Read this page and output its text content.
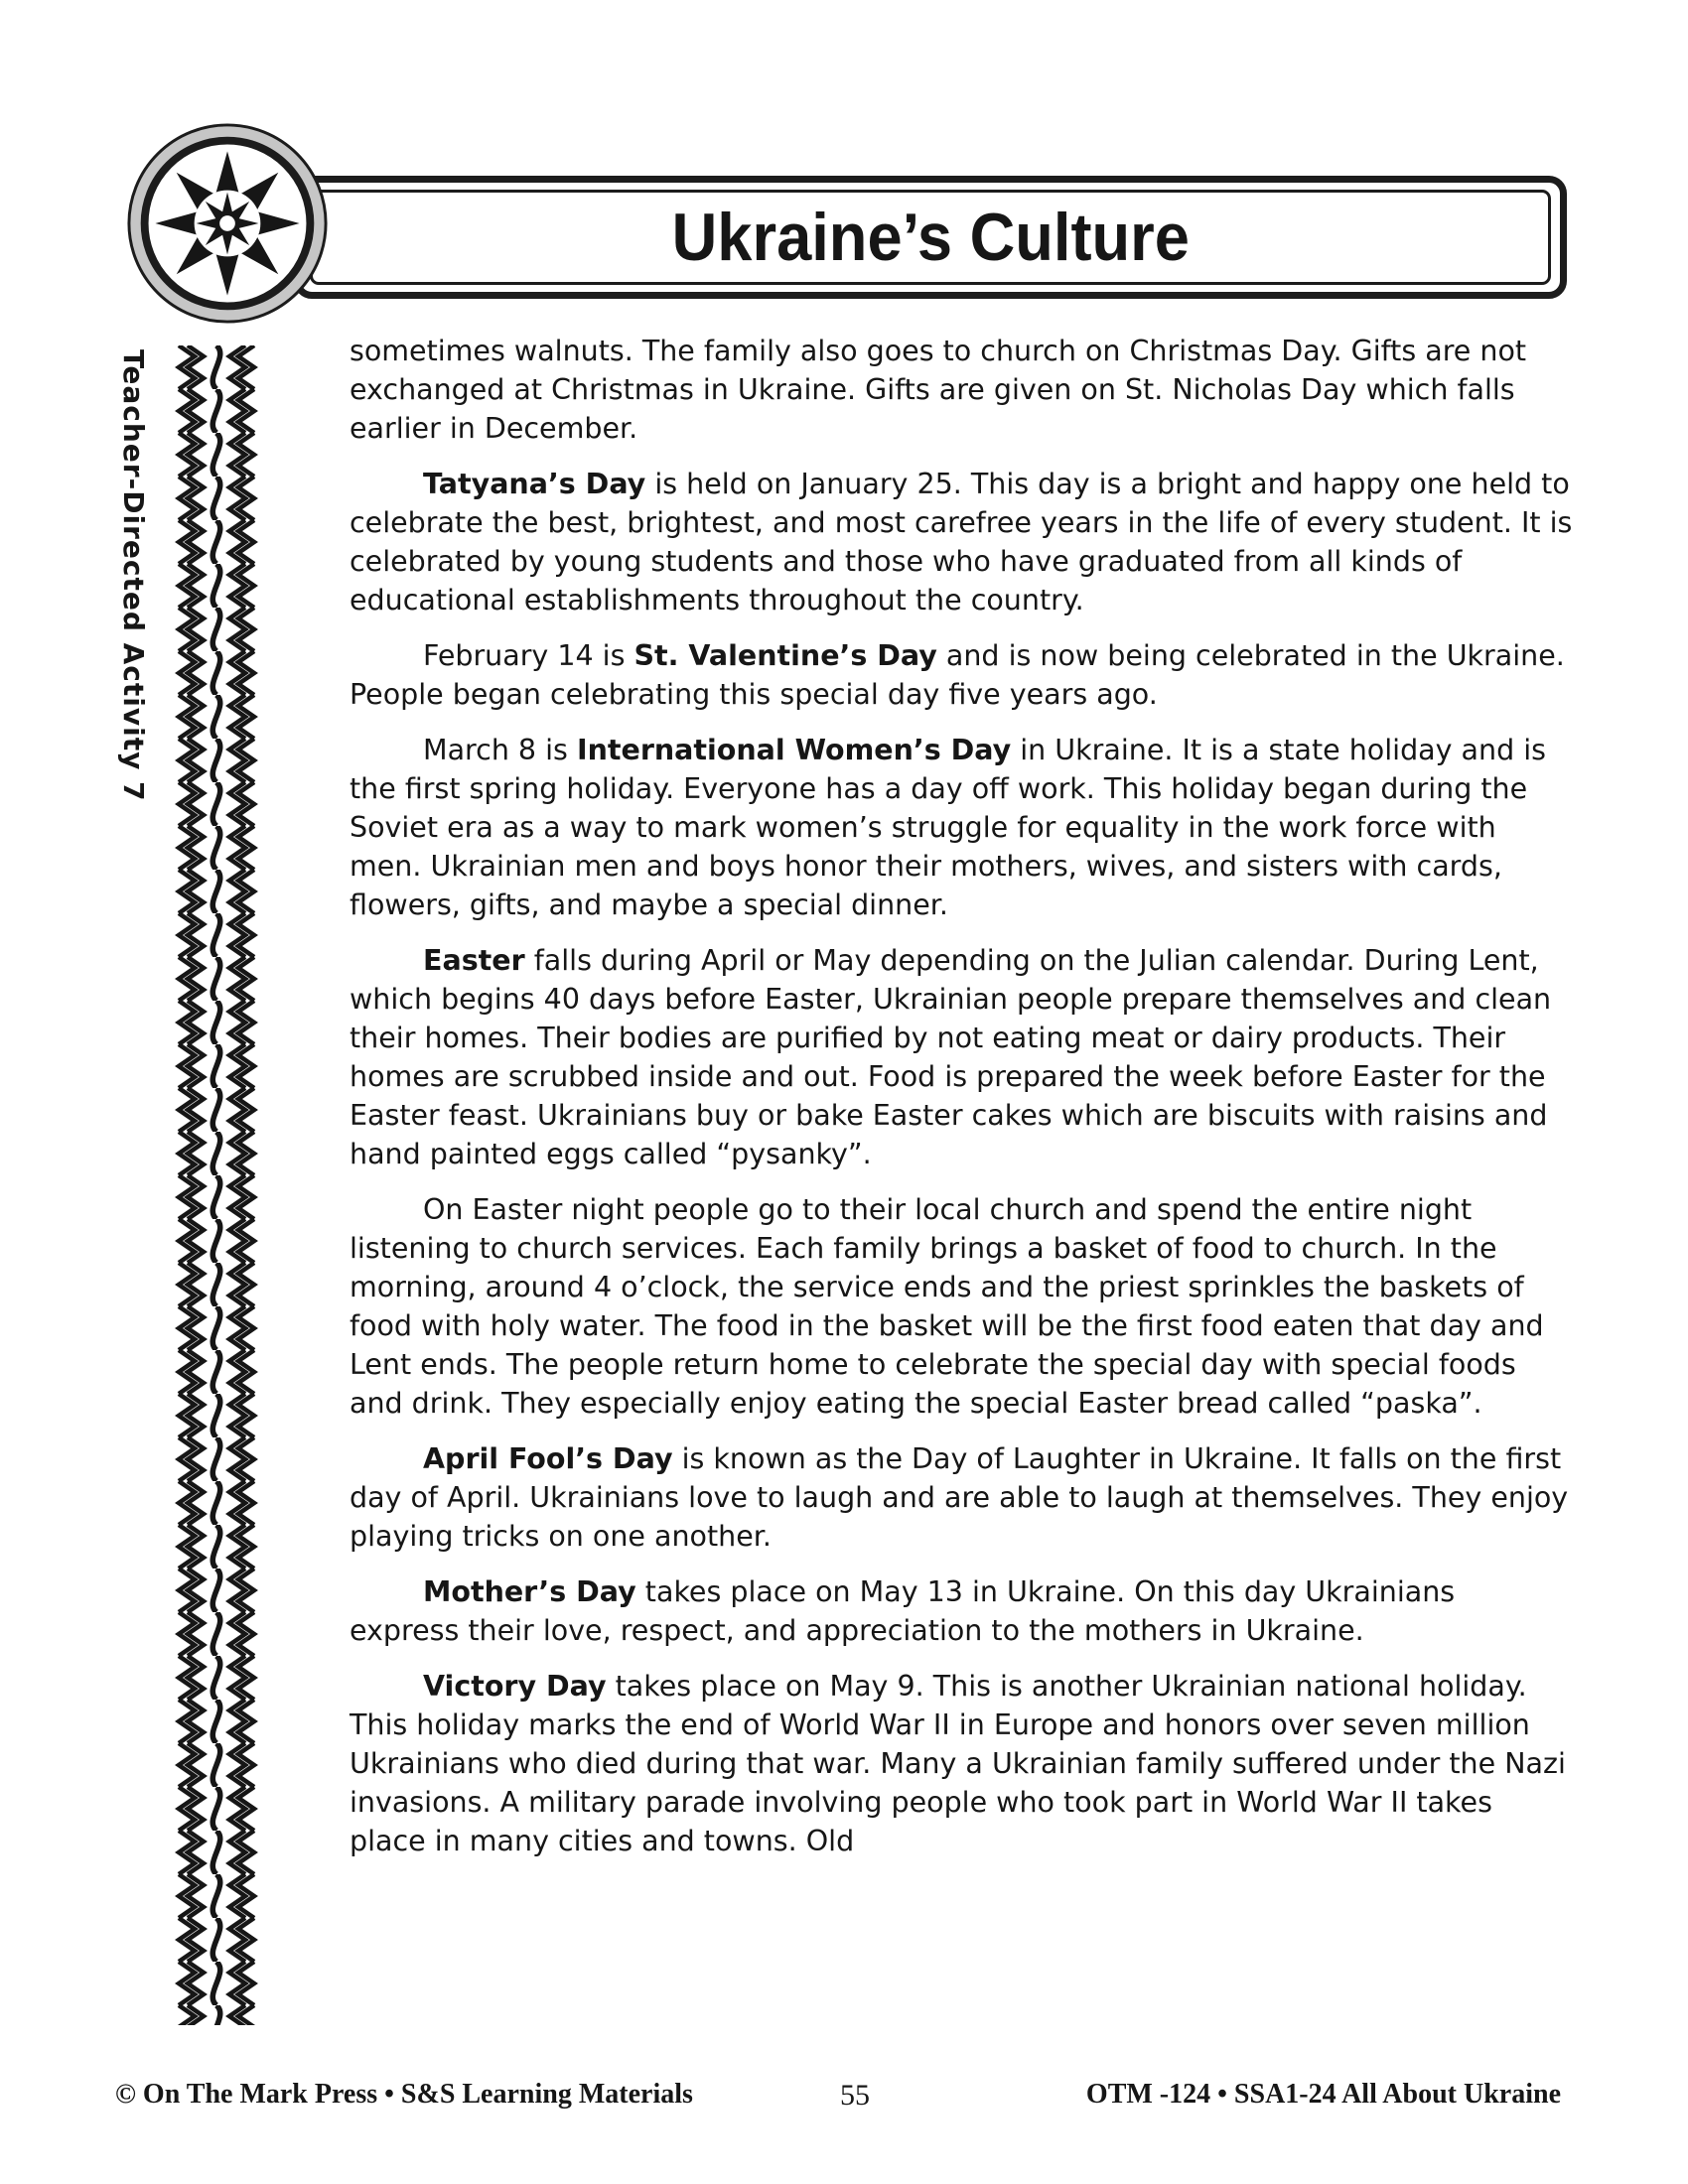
Ukraine’s Culture
Teacher-Directed Activity 7	sometimes walnuts. The family also goes to church on Christmas Day. Gifts are not exchanged at Christmas in Ukraine. Gifts are given on St. Nicholas Day which falls earlier in December.

Tatyana’s Day is held on January 25. This day is a bright and happy one held to celebrate the best, brightest, and most carefree years in the life of every student. It is celebrated by young students and those who have graduated from all kinds of educational establishments throughout the country.

February 14 is St. Valentine’s Day and is now being celebrated in the Ukraine. People began celebrating this special day five years ago.

March 8 is International Women’s Day in Ukraine. It is a state holiday and is the first spring holiday. Everyone has a day off work. This holiday began during the Soviet era as a way to mark women’s struggle for equality in the work force with men. Ukrainian men and boys honor their mothers, wives, and sisters with cards, flowers, gifts, and maybe a special dinner.

Easter falls during April or May depending on the Julian calendar. During Lent, which begins 40 days before Easter, Ukrainian people prepare themselves and clean their homes. Their bodies are purified by not eating meat or dairy products. Their homes are scrubbed inside and out. Food is prepared the week before Easter for the Easter feast. Ukrainians buy or bake Easter cakes which are biscuits with raisins and hand painted eggs called “pysanky”.

On Easter night people go to their local church and spend the entire night listening to church services. Each family brings a basket of food to church. In the morning, around 4 o’clock, the service ends and the priest sprinkles the baskets of food with holy water. The food in the basket will be the first food eaten that day and Lent ends. The people return home to celebrate the special day with special foods and drink. They especially enjoy eating the special Easter bread called “paska”.

April Fool’s Day is known as the Day of Laughter in Ukraine. It falls on the first day of April. Ukrainians love to laugh and are able to laugh at themselves. They enjoy playing tricks on one another.

Mother’s Day takes place on May 13 in Ukraine. On this day Ukrainians express their love, respect, and appreciation to the mothers in Ukraine.

Victory Day takes place on May 9. This is another Ukrainian national holiday. This holiday marks the end of World War II in Europe and honors over seven million Ukrainians who died during that war. Many a Ukrainian family suffered under the Nazi invasions. A military parade involving people who took part in World War II takes place in many cities and towns. Old

© On The Mark Press • S&S Learning Materials	55	OTM -124 • SSA1-24 All About Ukraine
